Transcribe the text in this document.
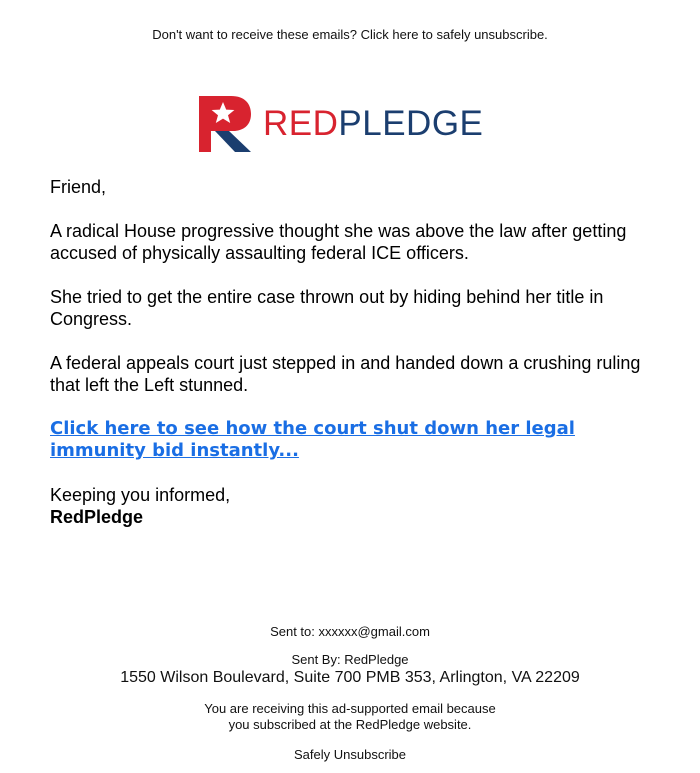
Don't want to receive these emails? Click here to safely unsubscribe.
REDPLEDGE

Friend,

A radical House progressive thought she was above the law after getting accused of physically assaulting federal ICE officers.

She tried to get the entire case thrown out by hiding behind her title in Congress.

A federal appeals court just stepped in and handed down a crushing ruling that left the Left stunned.

Click here to see how the court shut down her legal immunity bid instantly...

Keeping you informed,
RedPledge
Sent to: xxxxxx@gmail.com
Sent By: RedPledge
1550 Wilson Boulevard, Suite 700 PMB 353, Arlington, VA 22209
You are receiving this ad-supported email because
you subscribed at the RedPledge website.
Safely Unsubscribe
